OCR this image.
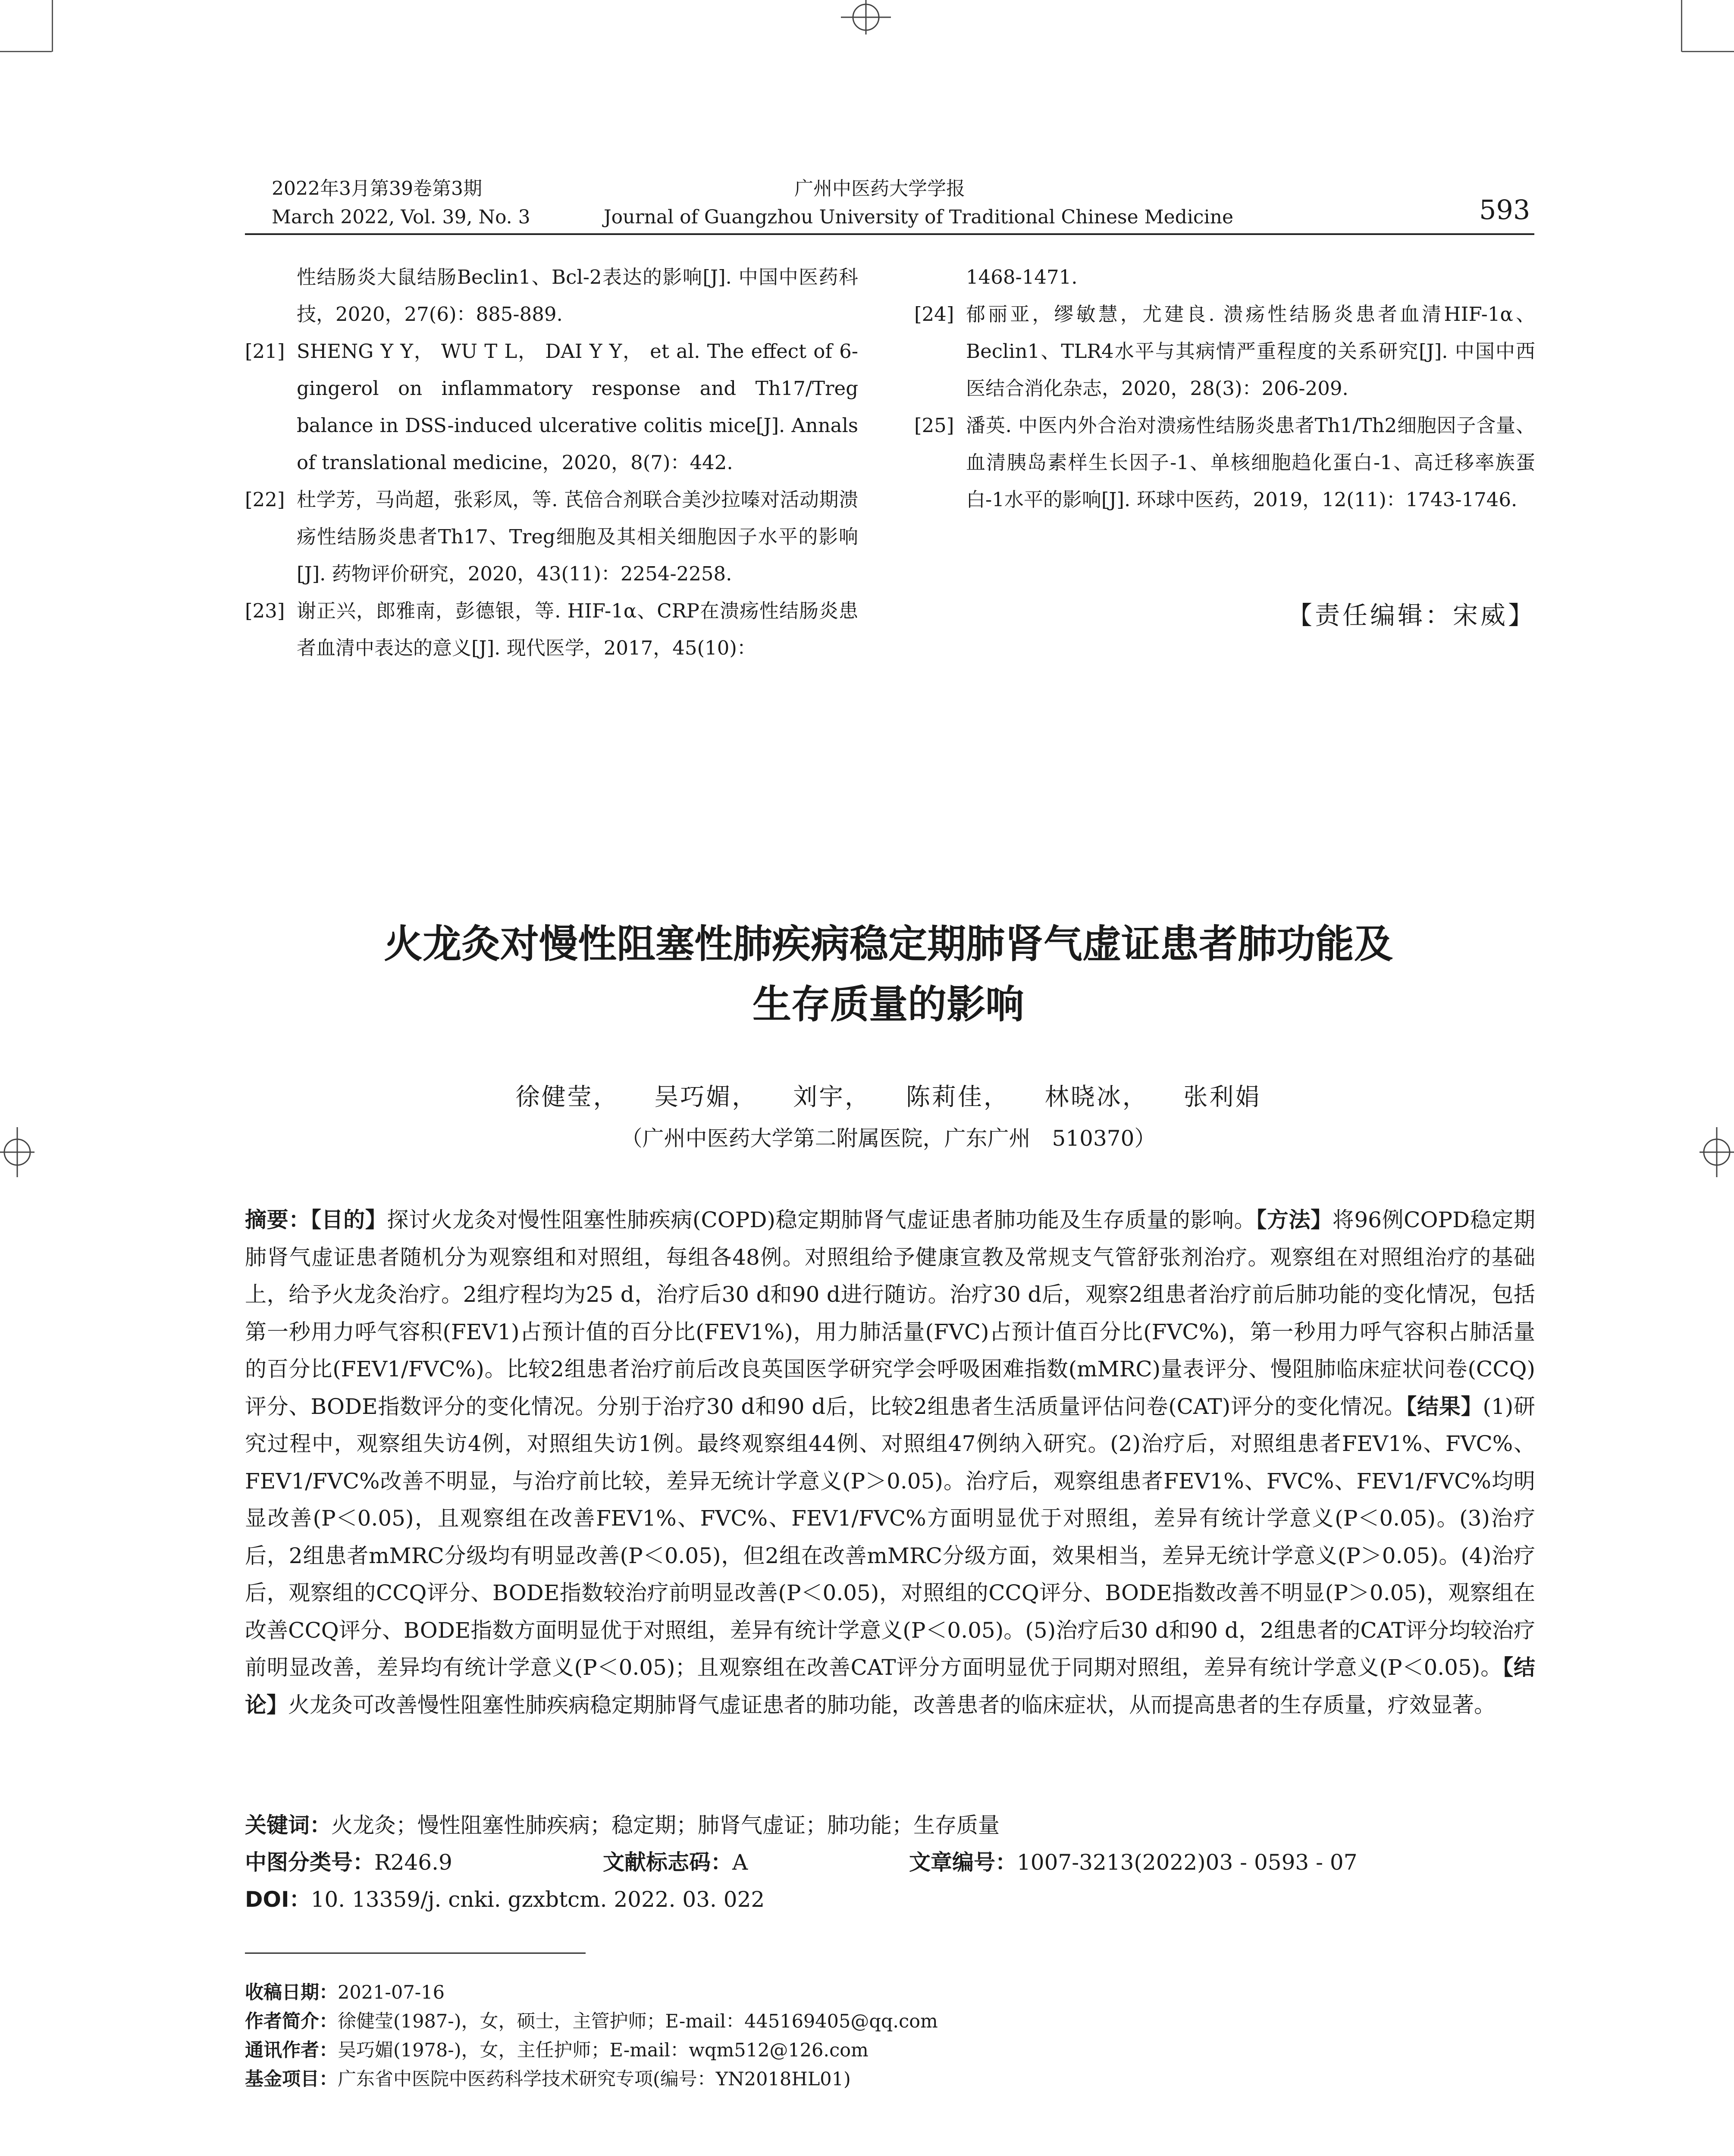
2022年3月第39卷第3期
March 2022, Vol. 39, No. 3
广州中医药大学学报
Journal of Guangzhou University of Traditional Chinese Medicine	593
性结肠炎大鼠结肠Beclin1、Bcl-2表达的影响[J]. 中国中医药科技，2020，27(6)：885-889.
[21] SHENG Y Y， WU T L， DAI Y Y， et al. The effect of 6-gingerol on inflammatory response and Th17/Treg balance in DSS-induced ulcerative colitis mice[J]. Annals of translational medicine，2020，8(7)：442.
[22] 杜学芳，马尚超，张彩凤，等. 芪倍合剂联合美沙拉嗪对活动期溃疡性结肠炎患者Th17、Treg细胞及其相关细胞因子水平的影响[J]. 药物评价研究，2020，43(11)：2254-2258.
[23] 谢正兴，郎雅南，彭德银，等. HIF-1α、CRP在溃疡性结肠炎患者血清中表达的意义[J]. 现代医学，2017，45(10)：
1468-1471.
[24] 郁丽亚，缪敏慧，尤建良. 溃疡性结肠炎患者血清HIF-1α、Beclin1、TLR4水平与其病情严重程度的关系研究[J]. 中国中西医结合消化杂志，2020，28(3)：206-209.
[25] 潘英. 中医内外合治对溃疡性结肠炎患者Th1/Th2细胞因子含量、血清胰岛素样生长因子-1、单核细胞趋化蛋白-1、高迁移率族蛋白-1水平的影响[J]. 环球中医药，2019，12(11)：1743-1746.
【责任编辑：宋威】
火龙灸对慢性阻塞性肺疾病稳定期肺肾气虚证患者肺功能及
生存质量的影响
徐健莹， 吴巧媚， 刘宇， 陈莉佳， 林晓冰， 张利娟
（广州中医药大学第二附属医院，广东广州　510370）
摘要：【目的】探讨火龙灸对慢性阻塞性肺疾病(COPD)稳定期肺肾气虚证患者肺功能及生存质量的影响。【方法】将96例COPD稳定期肺肾气虚证患者随机分为观察组和对照组，每组各48例。对照组给予健康宣教及常规支气管舒张剂治疗。观察组在对照组治疗的基础上，给予火龙灸治疗。2组疗程均为25 d，治疗后30 d和90 d进行随访。治疗30 d后，观察2组患者治疗前后肺功能的变化情况，包括第一秒用力呼气容积(FEV1)占预计值的百分比(FEV1%)，用力肺活量(FVC)占预计值百分比(FVC%)，第一秒用力呼气容积占肺活量的百分比(FEV1/FVC%)。比较2组患者治疗前后改良英国医学研究学会呼吸困难指数(mMRC)量表评分、慢阻肺临床症状问卷(CCQ)评分、BODE指数评分的变化情况。分别于治疗30 d和90 d后，比较2组患者生活质量评估问卷(CAT)评分的变化情况。【结果】(1)研究过程中，观察组失访4例，对照组失访1例。最终观察组44例、对照组47例纳入研究。(2)治疗后，对照组患者FEV1%、FVC%、FEV1/FVC%改善不明显，与治疗前比较，差异无统计学意义(P＞0.05)。治疗后，观察组患者FEV1%、FVC%、FEV1/FVC%均明显改善(P＜0.05)，且观察组在改善FEV1%、FVC%、FEV1/FVC%方面明显优于对照组，差异有统计学意义(P＜0.05)。(3)治疗后，2组患者mMRC分级均有明显改善(P＜0.05)，但2组在改善mMRC分级方面，效果相当，差异无统计学意义(P＞0.05)。(4)治疗后，观察组的CCQ评分、BODE指数较治疗前明显改善(P＜0.05)，对照组的CCQ评分、BODE指数改善不明显(P＞0.05)，观察组在改善CCQ评分、BODE指数方面明显优于对照组，差异有统计学意义(P＜0.05)。(5)治疗后30 d和90 d，2组患者的CAT评分均较治疗前明显改善，差异均有统计学意义(P＜0.05)；且观察组在改善CAT评分方面明显优于同期对照组，差异有统计学意义(P＜0.05)。【结论】火龙灸可改善慢性阻塞性肺疾病稳定期肺肾气虚证患者的肺功能，改善患者的临床症状，从而提高患者的生存质量，疗效显著。
关键词：火龙灸；慢性阻塞性肺疾病；稳定期；肺肾气虚证；肺功能；生存质量
中图分类号：R246.9	文献标志码：A	文章编号：1007-3213(2022)03 - 0593 - 07
DOI：10. 13359/j. cnki. gzxbtcm. 2022. 03. 022
收稿日期：2021-07-16
作者简介：徐健莹(1987-)，女，硕士，主管护师；E-mail：445169405@qq.com
通讯作者：吴巧媚(1978-)，女，主任护师；E-mail：wqm512@126.com
基金项目：广东省中医院中医药科学技术研究专项(编号：YN2018HL01)
